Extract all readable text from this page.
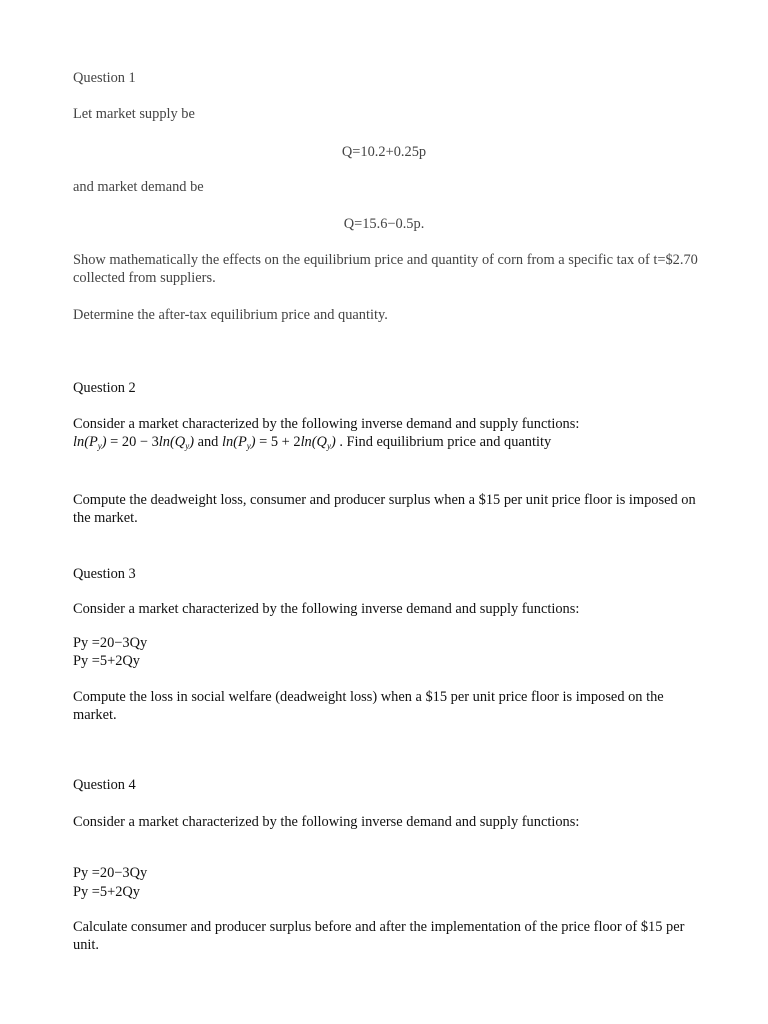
Question 1
Let market supply be
Q=10.2+0.25p
and market demand be
Q=15.6−0.5p.
Show mathematically the effects on the equilibrium price and quantity of corn from a specific tax of t=$2.70 collected from suppliers.
Determine the after-tax equilibrium price and quantity.
Question 2
Consider a market characterized by the following inverse demand and supply functions:
$\ln(P_y) = 20 - 3\ln(Q_y)$ and $\ln(P_y) = 5 + 2\ln(Q_y)$ . Find equilibrium price and quantity
Compute the deadweight loss, consumer and producer surplus when a $15 per unit price floor is imposed on the market.
Question 3
Consider a market characterized by the following inverse demand and supply functions:
Py =20−3Qy
Py =5+2Qy
Compute the loss in social welfare (deadweight loss) when a $15 per unit price floor is imposed on the market.
Question 4
Consider a market characterized by the following inverse demand and supply functions:
Py =20−3Qy
Py =5+2Qy
Calculate consumer and producer surplus before and after the implementation of the price floor of $15 per unit.
